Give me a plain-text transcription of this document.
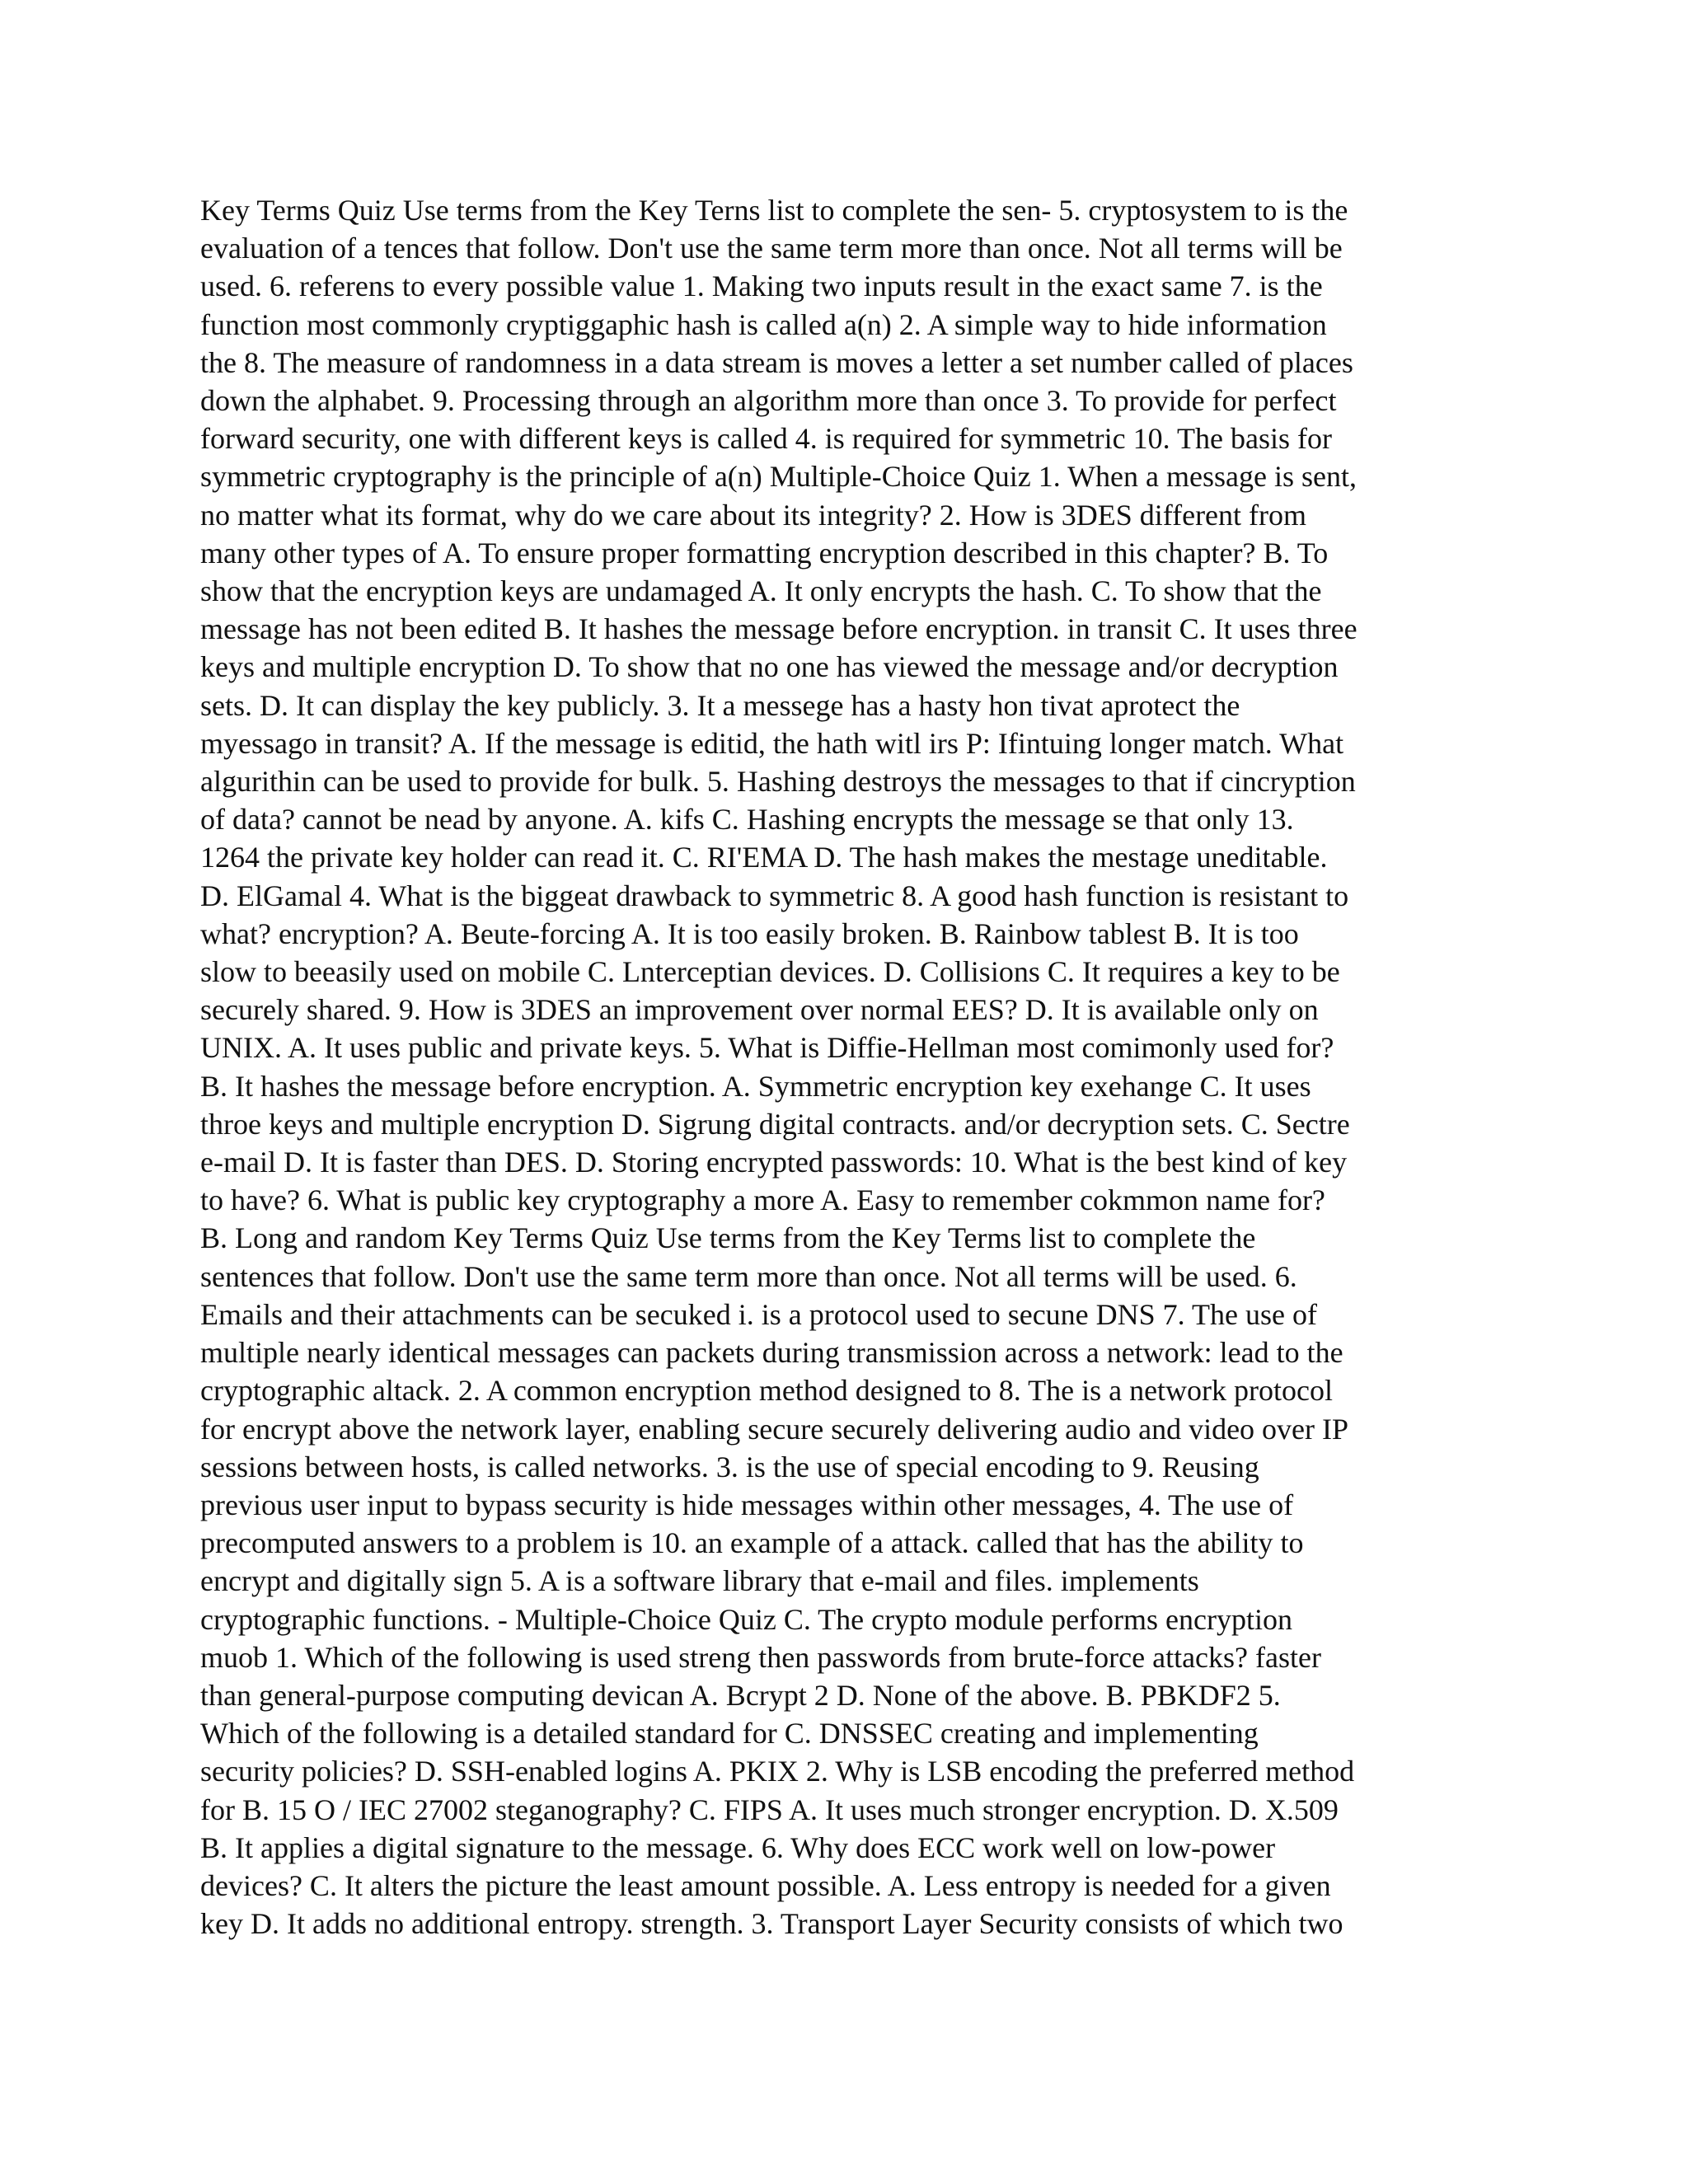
Key Terms Quiz Use terms from the Key Terns list to complete the sen- 5. cryptosystem to is the
evaluation of a tences that follow. Don't use the same term more than once. Not all terms will be
used. 6. referens to every possible value 1. Making two inputs result in the exact same 7. is the
function most commonly cryptiggaphic hash is called a(n) 2. A simple way to hide information
the 8. The measure of randomness in a data stream is moves a letter a set number called of places
down the alphabet. 9. Processing through an algorithm more than once 3. To provide for perfect
forward security, one with different keys is called 4. is required for symmetric 10. The basis for
symmetric cryptography is the principle of a(n) Multiple-Choice Quiz 1. When a message is sent,
no matter what its format, why do we care about its integrity? 2. How is 3DES different from
many other types of A. To ensure proper formatting encryption described in this chapter? B. To
show that the encryption keys are undamaged A. It only encrypts the hash. C. To show that the
message has not been edited B. It hashes the message before encryption. in transit C. It uses three
keys and multiple encryption D. To show that no one has viewed the message and/or decryption
sets. D. It can display the key publicly. 3. It a messege has a hasty hon tivat aprotect the
myessago in transit? A. If the message is editid, the hath witl irs P: Ifintuing longer match. What
algurithin can be used to provide for bulk. 5. Hashing destroys the messages to that if cincryption
of data? cannot be nead by anyone. A. kifs C. Hashing encrypts the message se that only 13.
1264 the private key holder can read it. C. RI'EMA D. The hash makes the mestage uneditable.
D. ElGamal 4. What is the biggeat drawback to symmetric 8. A good hash function is resistant to
what? encryption? A. Beute-forcing A. It is too easily broken. B. Rainbow tablest B. It is too
slow to beeasily used on mobile C. Lnterceptian devices. D. Collisions C. It requires a key to be
securely shared. 9. How is 3DES an improvement over normal EES? D. It is available only on
UNIX. A. It uses public and private keys. 5. What is Diffie-Hellman most comimonly used for?
B. It hashes the message before encryption. A. Symmetric encryption key exehange C. It uses
throe keys and multiple encryption D. Sigrung digital contracts. and/or decryption sets. C. Sectre
e-mail D. It is faster than DES. D. Storing encrypted passwords: 10. What is the best kind of key
to have? 6. What is public key cryptography a more A. Easy to remember cokmmon name for?
B. Long and random Key Terms Quiz Use terms from the Key Terms list to complete the
sentences that follow. Don't use the same term more than once. Not all terms will be used. 6.
Emails and their attachments can be secuked i. is a protocol used to secune DNS 7. The use of
multiple nearly identical messages can packets during transmission across a network: lead to the
cryptographic altack. 2. A common encryption method designed to 8. The is a network protocol
for encrypt above the network layer, enabling secure securely delivering audio and video over IP
sessions between hosts, is called networks. 3. is the use of special encoding to 9. Reusing
previous user input to bypass security is hide messages within other messages, 4. The use of
precomputed answers to a problem is 10. an example of a attack. called that has the ability to
encrypt and digitally sign 5. A is a software library that e-mail and files. implements
cryptographic functions. - Multiple-Choice Quiz C. The crypto module performs encryption
muob 1. Which of the following is used streng then passwords from brute-force attacks? faster
than general-purpose computing devican A. Bcrypt 2 D. None of the above. B. PBKDF2 5.
Which of the following is a detailed standard for C. DNSSEC creating and implementing
security policies? D. SSH-enabled logins A. PKIX 2. Why is LSB encoding the preferred method
for B. 15 O / IEC 27002 steganography? C. FIPS A. It uses much stronger encryption. D. X.509
B. It applies a digital signature to the message. 6. Why does ECC work well on low-power
devices? C. It alters the picture the least amount possible. A. Less entropy is needed for a given
key D. It adds no additional entropy. strength. 3. Transport Layer Security consists of which two
